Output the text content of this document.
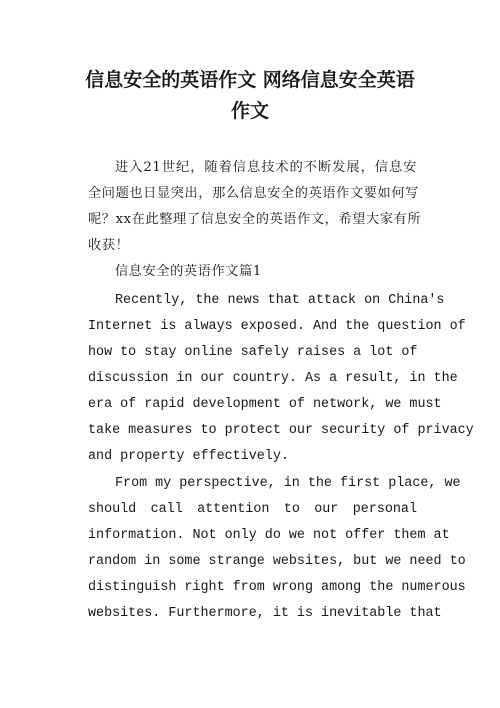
信息安全的英语作文 网络信息安全英语
作文
进入21世纪，随着信息技术的不断发展，信息安
全问题也日显突出，那么信息安全的英语作文要如何写
呢？xx在此整理了信息安全的英语作文，希望大家有所
收获！
信息安全的英语作文篇1
Recently, the news that attack on China's
Internet is always exposed. And the question of
how to stay online safely raises a lot of
discussion in our country. As a result, in the
era of rapid development of network, we must
take measures to protect our security of privacy
and property effectively.
From my perspective, in the first place, we
should call attention to our personal
information. Not only do we not offer them at
random in some strange websites, but we need to
distinguish right from wrong among the numerous
websites. Furthermore, it is inevitable that
